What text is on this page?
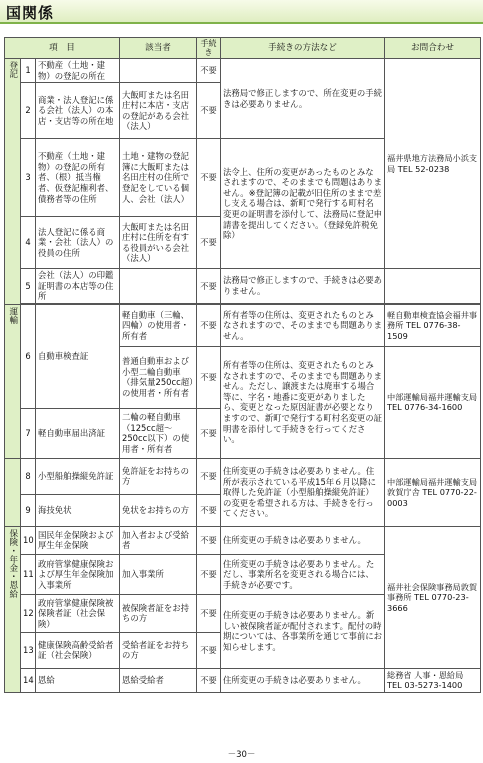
国関係
項　目			該当者	手続き	手続きの方法など	お問合わせ
登記	1	不動産（土地・建物）の登記の所在		不要	法務局で修正しますので、所在変更の手続きは必要ありません。	福井県地方法務局小浜支局 TEL 52-0238
	2	商業・法人登記に係る会社（法人）の本店・支店等の所在地	大飯町または名田庄村に本店・支店の登記がある会社（法人）	不要		
	3	不動産（土地・建物）の登記の所有者、（根）抵当権者、仮登記権利者、債務者等の住所	土地・建物の登記簿に大飯町または名田庄村の住所で登記をしている個人、会社（法人）	不要	法令上、住所の変更があったものとみなされますので、そのままでも問題はありません。※登記簿の記載が旧住所のままで差し支える場合は、新町で発行する町村名変更の証明書を添付して、法務局に登記申請書を提出してください。（登録免許税免除）	
	4	法人登記に係る商業・会社（法人）の役員の住所	大飯町または名田庄村に住所を有する役員がいる会社（法人）	不要		
	5	会社（法人）の印鑑証明書の本店等の住所		不要	法務局で修正しますので、手続きは必要ありません。	

運輸	6	自動車検査証	軽自動車（三輪、四輪）の使用者・所有者	不要	所有者等の住所は、変更されたものとみなされますので、そのままでも問題ありません。	軽自動車検査協会福井事務所 TEL 0776-38-1509
			普通自動車および小型二輪自動車（排気量250cc超）の使用者・所有者	不要	所有者等の住所は、変更されたものとみなされますので、そのままでも問題ありません。ただし、譲渡または廃車する場合等に、字名・地番に変更がありましたら、変更となった原因証書が必要となりますので、新町で発行する町村名変更の証明書を添付して手続きを行ってください。	中部運輸局福井運輸支局 TEL 0776-34-1600
	7	軽自動車届出済証	二輪の軽自動車（125cc超～250cc以下）の使用者・所有者	不要		
	8	小型船舶操縦免許証	免許証をお持ちの方	不要	住所変更の手続きは必要ありません。住所が表示されている平成15年６月以降に取得した免許証（小型船舶操縦免許証）の変更を希望される方は、手続きを行ってください。	中部運輸局福井運輸支局敦賀庁舎 TEL 0770-22-0003
	9	海技免状	免状をお持ちの方	不要		
保険・年金・恩給	10	国民年金保険および厚生年金保険	加入者および受給者	不要	住所変更の手続きは必要ありません。	福井社会保険事務局敦賀事務所 TEL 0770-23-3666
	11	政府管掌健康保険および厚生年金保険加入事業所	加入事業所	不要	住所変更の手続きは必要ありません。ただし、事業所名を変更される場合には、手続きが必要です。	
	12	政府管掌健康保険被保険者証（社会保険）	被保険者証をお持ちの方	不要	住所変更の手続きは必要ありません。新しい被保険者証が配付されます。配付の時期については、各事業所を通じて事前にお知らせします。	
	13	健康保険高齢受給者証（社会保険）	受給者証をお持ちの方	不要		
	14	恩給	恩給受給者	不要	住所変更の手続きは必要ありません。	総務省 人事・恩給局 TEL 03-5273-1400
－30－
